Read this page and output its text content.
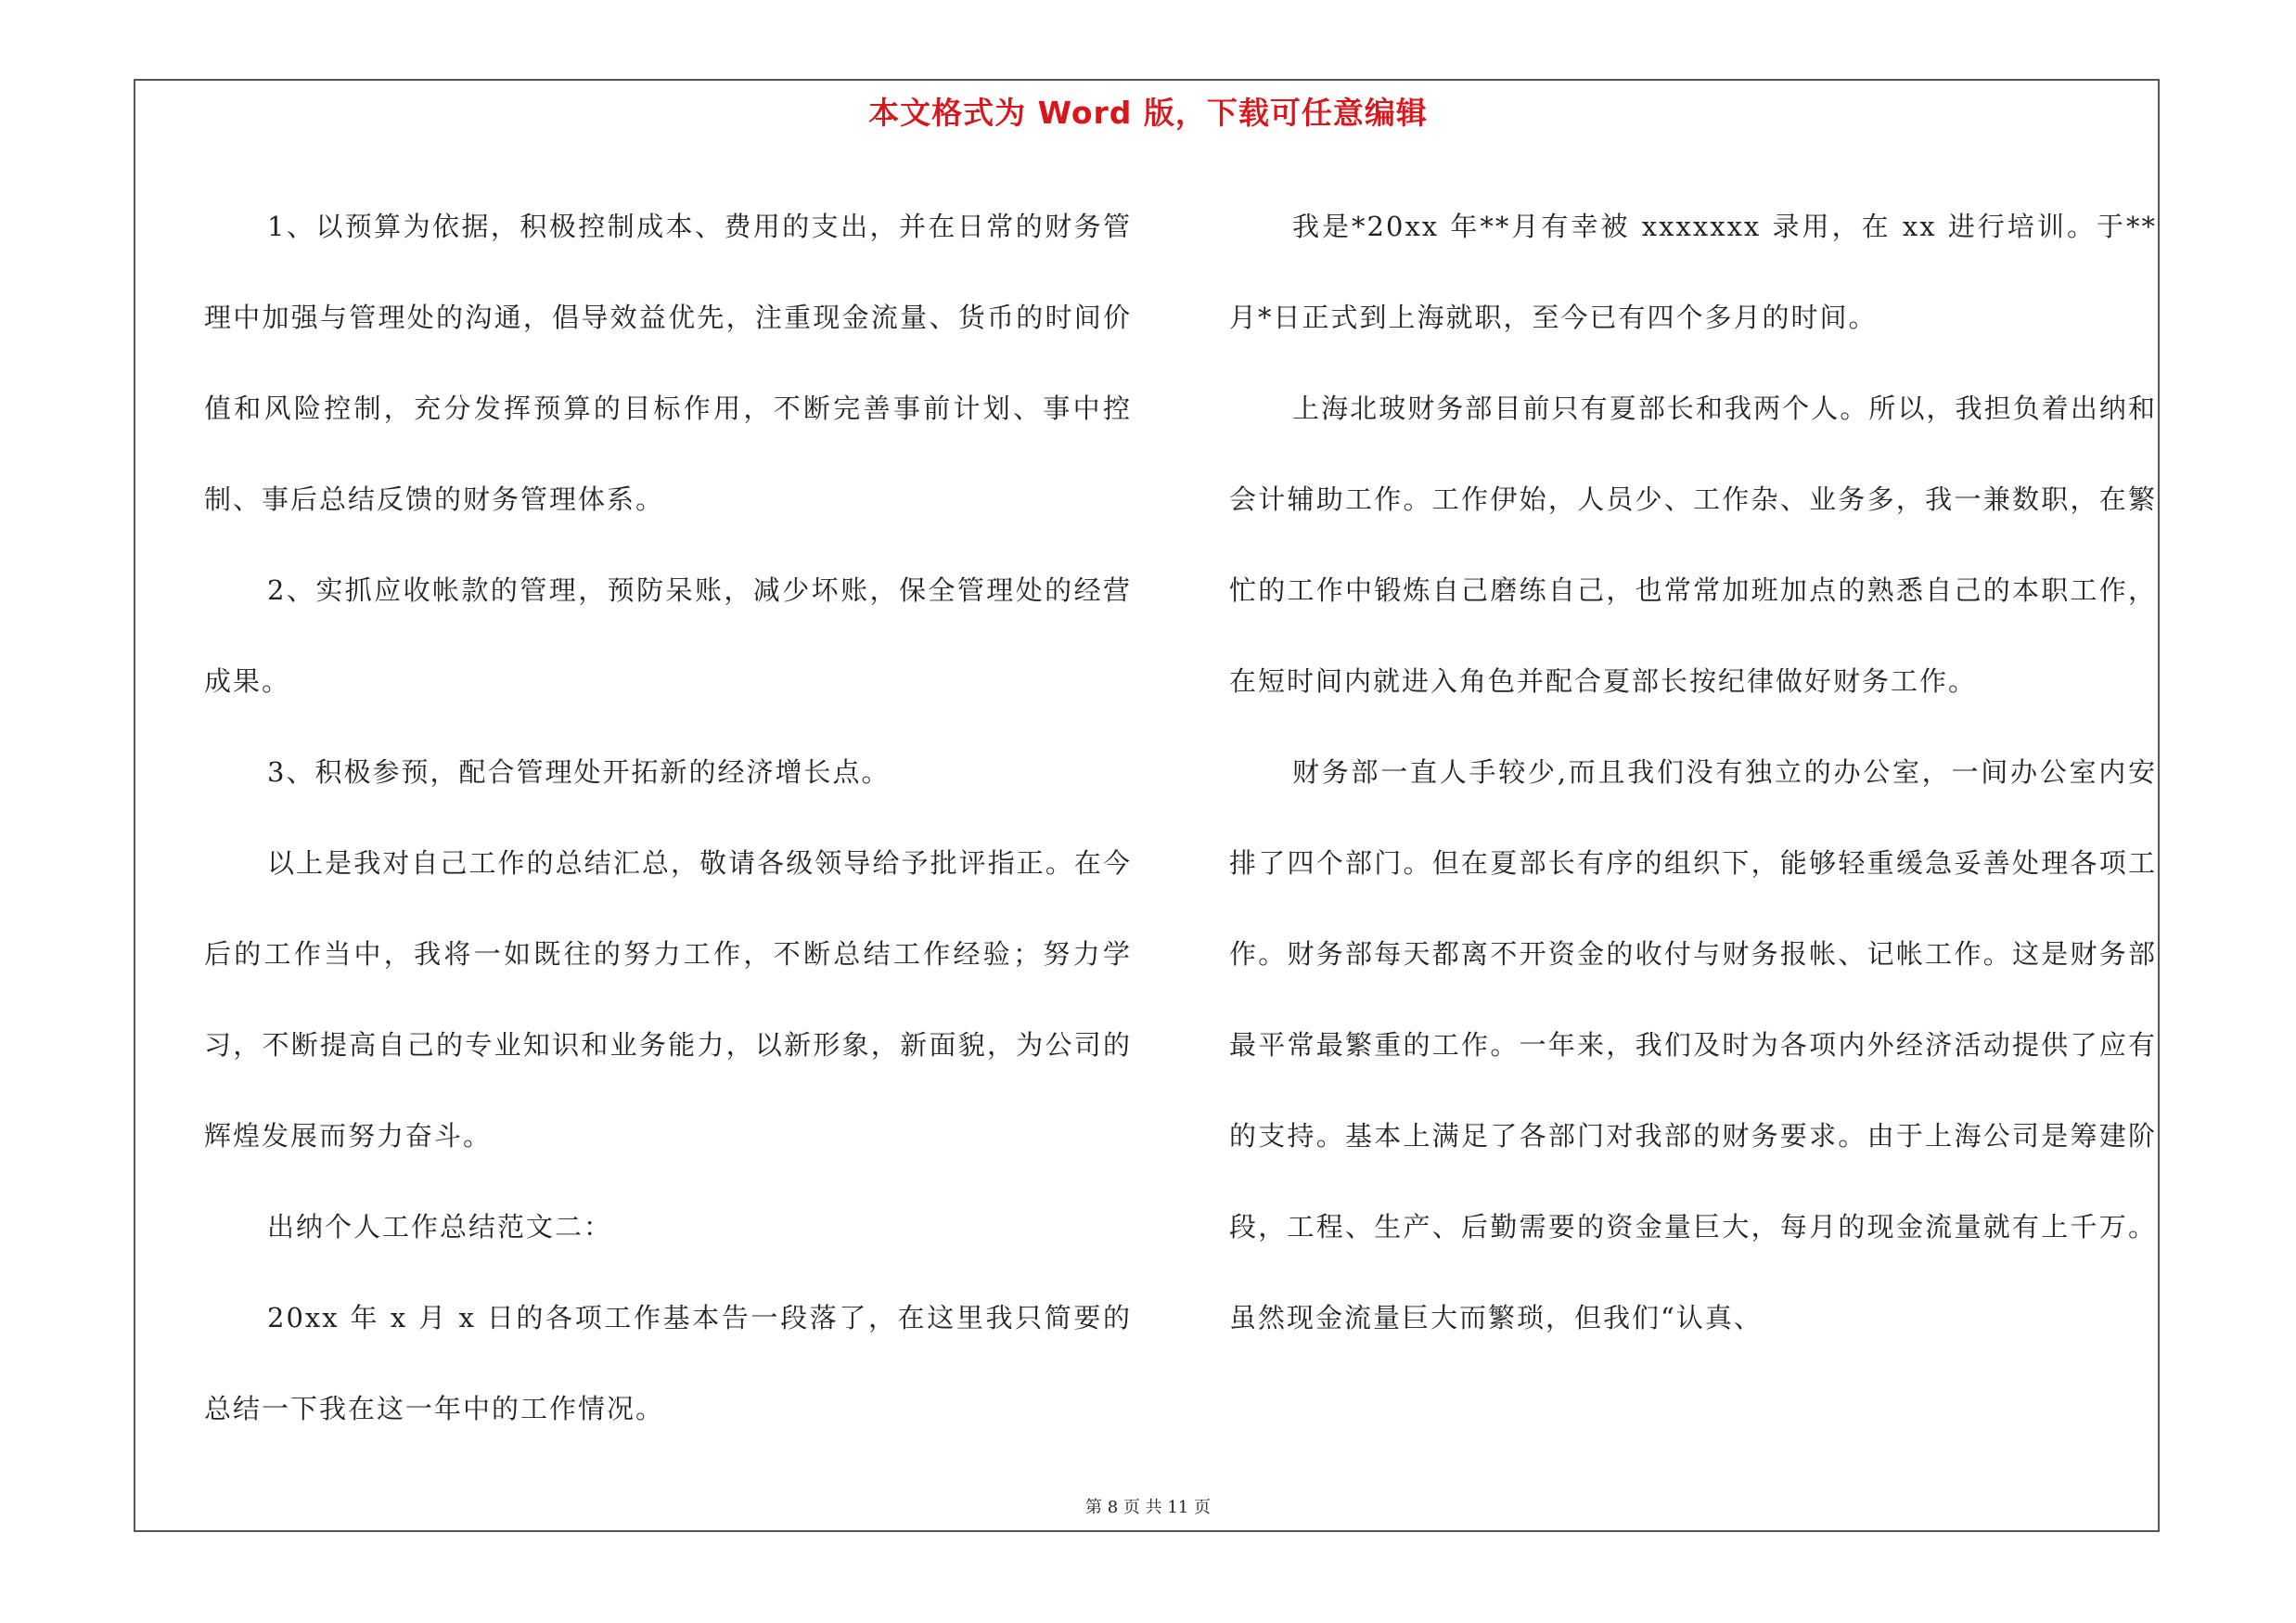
本文格式为 Word 版，下载可任意编辑

1、以预算为依据，积极控制成本、费用的支出，并在日常的财务管理中加强与管理处的沟通，倡导效益优先，注重现金流量、货币的时间价值和风险控制，充分发挥预算的目标作用，不断完善事前计划、事中控制、事后总结反馈的财务管理体系。

2、实抓应收帐款的管理，预防呆账，减少坏账，保全管理处的经营成果。

3、积极参预，配合管理处开拓新的经济增长点。

以上是我对自己工作的总结汇总，敬请各级领导给予批评指正。在今后的工作当中，我将一如既往的努力工作，不断总结工作经验；努力学习，不断提高自己的专业知识和业务能力，以新形象，新面貌，为公司的辉煌发展而努力奋斗。

出纳个人工作总结范文二：

20xx 年 x 月 x 日的各项工作基本告一段落了，在这里我只简要的总结一下我在这一年中的工作情况。

我是*20xx 年**月有幸被 xxxxxxx 录用，在 xx 进行培训。于**月*日正式到上海就职，至今已有四个多月的时间。

上海北玻财务部目前只有夏部长和我两个人。所以，我担负着出纳和会计辅助工作。工作伊始，人员少、工作杂、业务多，我一兼数职，在繁忙的工作中锻炼自己磨练自己，也常常加班加点的熟悉自己的本职工作，在短时间内就进入角色并配合夏部长按纪律做好财务工作。

财务部一直人手较少,而且我们没有独立的办公室，一间办公室内安排了四个部门。但在夏部长有序的组织下，能够轻重缓急妥善处理各项工作。财务部每天都离不开资金的收付与财务报帐、记帐工作。这是财务部最平常最繁重的工作。一年来，我们及时为各项内外经济活动提供了应有的支持。基本上满足了各部门对我部的财务要求。由于上海公司是筹建阶段，工程、生产、后勤需要的资金量巨大，每月的现金流量就有上千万。虽然现金流量巨大而繁琐，但我们“认真、

第 8 页 共 11 页
